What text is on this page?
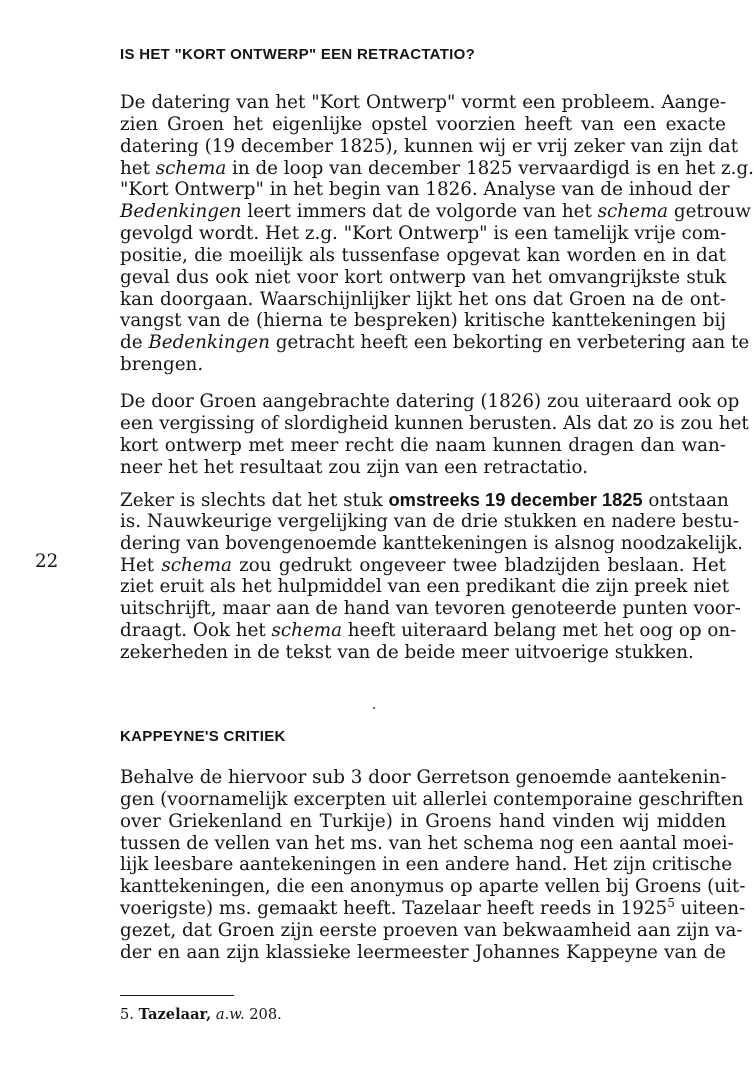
IS HET "KORT ONTWERP" EEN RETRACTATIO?
De datering van het "Kort Ontwerp" vormt een probleem. Aange-
zien Groen het eigenlijke opstel voorzien heeft van een exacte
datering (19 december 1825), kunnen wij er vrij zeker van zijn dat
het schema in de loop van december 1825 vervaardigd is en het z.g.
"Kort Ontwerp" in het begin van 1826. Analyse van de inhoud der
Bedenkingen leert immers dat de volgorde van het schema getrouw
gevolgd wordt. Het z.g. "Kort Ontwerp" is een tamelijk vrije com-
positie, die moeilijk als tussenfase opgevat kan worden en in dat
geval dus ook niet voor kort ontwerp van het omvangrijkste stuk
kan doorgaan. Waarschijnlijker lijkt het ons dat Groen na de ont-
vangst van de (hierna te bespreken) kritische kanttekeningen bij
de Bedenkingen getracht heeft een bekorting en verbetering aan te
brengen.
De door Groen aangebrachte datering (1826) zou uiteraard ook op
een vergissing of slordigheid kunnen berusten. Als dat zo is zou het
kort ontwerp met meer recht die naam kunnen dragen dan wan-
neer het het resultaat zou zijn van een retractatio.
22
Zeker is slechts dat het stuk omstreeks 19 december 1825 ontstaan
is. Nauwkeurige vergelijking van de drie stukken en nadere bestu-
dering van bovengenoemde kanttekeningen is alsnog noodzakelijk.
Het schema zou gedrukt ongeveer twee bladzijden beslaan. Het
ziet eruit als het hulpmiddel van een predikant die zijn preek niet
uitschrijft, maar aan de hand van tevoren genoteerde punten voor-
draagt. Ook het schema heeft uiteraard belang met het oog op on-
zekerheden in de tekst van de beide meer uitvoerige stukken.
KAPPEYNE'S CRITIEK
Behalve de hiervoor sub 3 door Gerretson genoemde aantekenin-
gen (voornamelijk excerpten uit allerlei contemporaine geschriften
over Griekenland en Turkije) in Groens hand vinden wij midden
tussen de vellen van het ms. van het schema nog een aantal moei-
lijk leesbare aantekeningen in een andere hand. Het zijn critische
kanttekeningen, die een anonymus op aparte vellen bij Groens (uit-
voerigste) ms. gemaakt heeft. Tazelaar heeft reeds in 1925$^5$ uiteen-
gezet, dat Groen zijn eerste proeven van bekwaamheid aan zijn va-
der en aan zijn klassieke leermeester Johannes Kappeyne van de
5. Tazelaar, a.w. 208.
